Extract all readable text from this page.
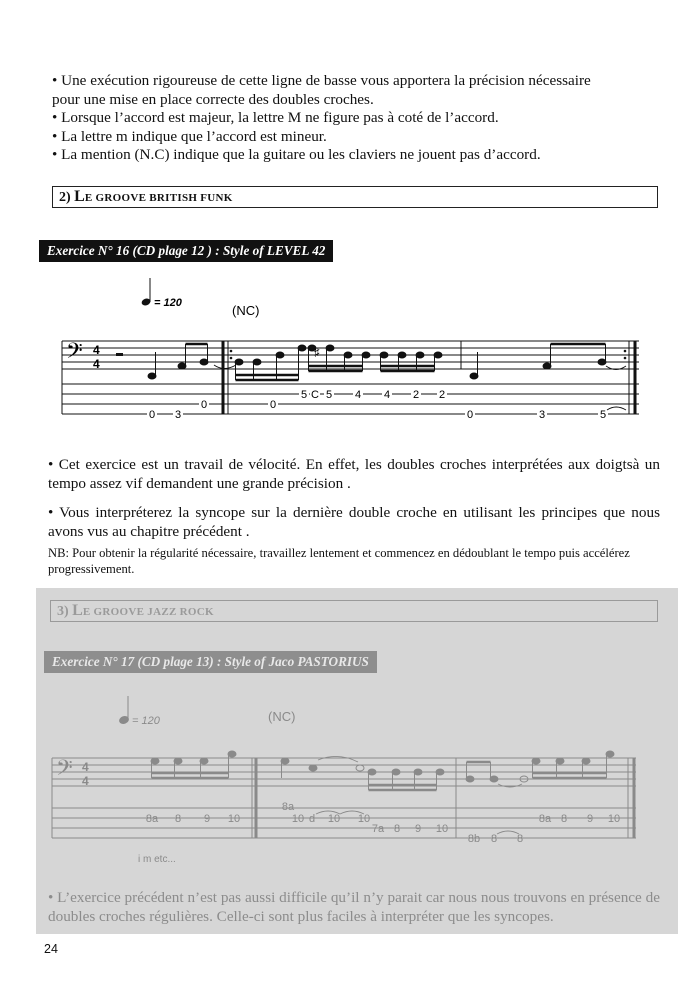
• Une exécution rigoureuse de cette ligne de basse vous apportera la précision nécessaire
pour une mise en place correcte des doubles croches.
• Lorsque l’accord est majeur, la lettre M ne figure pas à coté de l’accord.
• La lettre m indique que l’accord est mineur.
• La mention (N.C) indique que la guitare ou les claviers ne jouent pas d’accord.
2) LE GROOVE BRITISH FUNK
Exercice N° 16 (CD plage 12 ) : Style of LEVEL 42
= 120	(NC)
𝄢 4
4
♯
0 3
0	0
5 C 5 4 4 2 2
0	3	5
• Cet exercice est un travail de vélocité. En effet, les doubles croches interprétées aux doigtsà un tempo assez vif demandent une grande précision .
• Vous interpréterez la syncope sur la dernière double croche en utilisant les principes que nous avons vus au chapitre précédent .
NB: Pour obtenir la régularité nécessaire, travaillez lentement et commencez en dédoublant le tempo puis accélérez progressivement.
3) LE GROOVE JAZZ ROCK
Exercice N° 17 (CD plage 13) : Style of Jaco PASTORIUS
= 120	(NC)
𝄢 4
4
8a 8 9 10
8a
10 d 10 10
7a 8 9 10
8b 8 8
8a 8 9 10
i m etc...
• L’exercice précédent n’est pas aussi difficile qu’il n’y parait car nous nous trouvons en présence de doubles croches régulières. Celle-ci sont plus faciles à interpréter que les syncopes.
24
